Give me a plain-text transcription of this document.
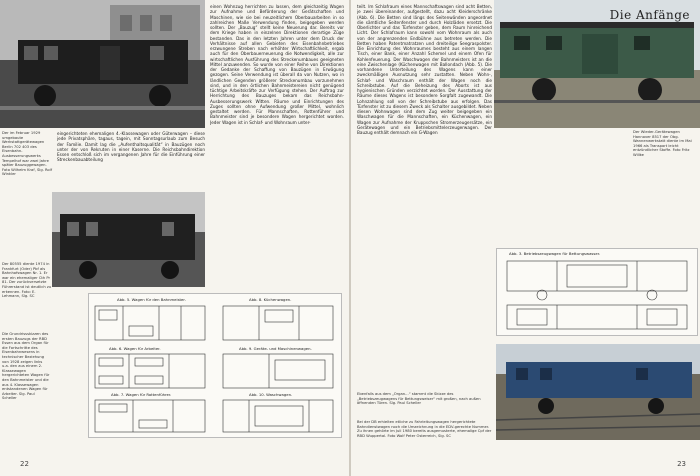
Der im Februar 1929 umgebaute Werkstattgerätewagen Berlin 702 403 des Eisenbahn-Ausbesserungswerks Tempelhof war zwei Jahre später Bauzuggewagen. Foto Wilhelm Kraf, Slg. Rolf Winkler
eingerichteten ehemaligen 4.-Klassewagen oder Güterwagen – diese jede Privatsphäre, tagaus, tagein, mit Sonntagsurlaub zum Besuch der Familie. Damit lag die „Aufenthaltsqualität“ in Bauzügen noch unter der von Rekruten in einer Kaserne. Die Reichsbahndirektion Essen entschloß sich im vergangenen Jahre für die Einführung einer Streckenbauabteilung
einen Wohnzug herrichten zu lassen, dem gleichzeitig Wagen zur Aufnahme und Beförderung der Gerätschaften und Maschinen, wie sie bei neuzeitlichem Oberbauarbeiten in so zahlreichen Maße Verwendung finden, beigegeben werden sollten. Der „Bauzug“ stellt keine Neuerung dar. Bereits vor dem Kriege haben in einzelnen Direktionen derartige Züge bestanden. Das in den letzten Jahren unter dem Druck der Verhältnisse auf allen Gebieten des Eisenbahnbetriebes erzwungene Streben nach erhöhter Wirtschaftlichkeit, ergab auch für den Oberbauerneuerung die Notwendigkeit, alle zur wirtschaftlichen Ausführung des Streckenumbaues geeigneten Mittel anzuwenden. So wurde von einer Reihe von Direktionen der Gedanke der Schaffung von Bauzügen in Erwägung gezogen. Seine Verwendung ist überall da von Nutzen, wo in ländlichen Gegenden größerer Streckenumbau vorzunehmen sind, und in den örtlichen Bahnmeistereien nicht genügend tüchtige Arbeitskräfte zur Verfügung stehen. Der Auftrag zur Herrichtung des Bauzuges bekam das Reichsbahn-Ausbesserungswerk Witten. Räume und Einrichtungen des Zuges sollten ohne Aufwendung großer Mittel, wohnlich gestaltet werden. Für Mannschaften, Rottenführer und Bahnmeister sind je besondere Wagen hergerichtet worden. Jeder Wagen ist in Schlaf- und Wohnraum unter-
Der 80555 diente 1974 in Frankfurt (Oder) Pbf als Bahnhofswagen Nr. 1. Er war ein ehemaliger Cth Pr 81. Der zurückversetzte Führerstand ist deutlich zu erkennen. Foto: E. Lehmann, Slg. SC
Die Grundrissskizzen des ersten Bauzugs der RBD Essen aus dem Organ für die Fortschritte des Eisenbahnwesens in technischer Beziehung von 1928 zeigen links u.a. den aus einem 2. Klassewagen hergerichteten Wagen für den Bahnmeister und die aus 4. Klassewagen entstandenen Wagen für Arbeiter. Slg. Paul Scheller
Abb. 5. Wagen für den Bahnmeister.	Abb. 8. Küchenwagen.
Abb. 6. Wagen für Arbeiter.	Abb. 9. Geräte- und Maschinenwagen.
Abb. 7. Wagen für Rottenführer.	Abb. 10. Waschwagen.
22
teilt. Im Schlafraum eines Mannschaftswagen sind acht Betten, je zwei übereinander, aufgestellt, dazu acht Kleiderschränke (Abb. 6). Die Betten sind längs des Seitenwänden angeordnet die sämtliche Seitenfenster und durch Holzläden ersetzt. Die Oberlichter und das Türfenster geben, dem Raum hinreichend Licht. Der Schlafraum kann sowohl vom Wohnraum als auch von der angrenzenden Endbühne aus betreten werden. Die Betten haben Patentmatratzen und dreiteilige Seegraspolster. Die Einrichtung des Wohnraumes besteht aus einem langen Tisch, einer Bank, einer Anzahl Schemel und einem Ofen für Kohlenfeuerung. Der Waschwagen der Bahnmeisters ist an die eine Zwischenlage (Küchenwagen mit Ballondach (Abb. 5). Die vorhandene Unterteilung des Wagens kann einer zweckmäßigen Ausnutzung sehr zustatten. Neben Wohn-, Schlaf- und Waschraum enthält der Wagen noch die Schreibstube. Auf die Beheizung des Aborts ist aus hygienischen Gründen verzichtet worden. Der Ausstattung der Räume dieses Wagens ist besondere Sorgfalt zugewandt. Die Lohnzahlung soll von der Schreibstube aus erfolgen. Das Türfenster ist zu diesem Zweck als Schalter ausgebildet. Neben diesen Wohnwagen sind dem Zug weiter beigegeben ein Waschwagen für die Mannschaften, ein Küchenwagen, ein Wagen zur Aufnahme der Kruppschen Stromerzeugersätze, ein Gerätewagen und ein Betriebsmittelerzeugerwagen. Der Bauzug enthält demnach ein G-Wagen
Die Anfänge
Der Wieder-Gerätewagen Hannover 8517 der Obg. Wannenwerkstatt diente im Mai 1966 als Transport leicht entzündlicher Stoffe. Foto Fritz Willke
Abb. 3. Betriebszeugwagen für Bettungswasser.
Ebenfalls aus dem „Organ…“ stammt die Skizze des „Betriebszeugwagens für Bettungsweiser“ mit großen, nach außen öffnenden Türen. Slg. Paul Scheller
Bei der DB erhielten etliche zu Fahrleitungswagen hergerichtete Bahndienstwagen noch die Umzeichnung in die EDV-gerechte Nummer. Zu ihnen gehörte im Juli 1980 bereits ausgemusterte, ehemalige Cpf der RBD Wuppertal. Foto Wolf Peter Osterreich, Slg. SC
23
